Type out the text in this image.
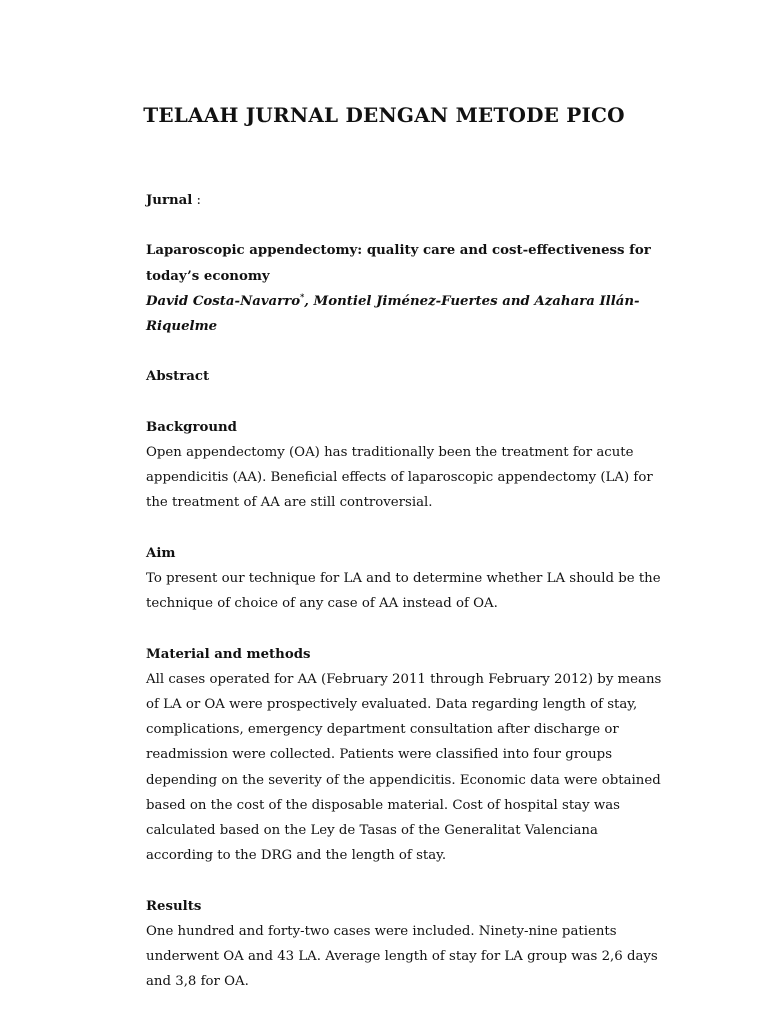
TELAAH JURNAL DENGAN METODE PICO

Jurnal :

Laparoscopic appendectomy: quality care and cost-effectiveness for today’s economy

David Costa-Navarro*, Montiel Jiménez-Fuertes and Azahara Illán-Riquelme

Abstract

Background

Open appendectomy (OA) has traditionally been the treatment for acute appendicitis (AA). Beneficial effects of laparoscopic appendectomy (LA) for the treatment of AA are still controversial.

Aim

To present our technique for LA and to determine whether LA should be the technique of choice of any case of AA instead of OA.

Material and methods

All cases operated for AA (February 2011 through February 2012) by means of LA or OA were prospectively evaluated. Data regarding length of stay, complications, emergency department consultation after discharge or readmission were collected. Patients were classified into four groups depending on the severity of the appendicitis. Economic data were obtained based on the cost of the disposable material. Cost of hospital stay was calculated based on the Ley de Tasas of the Generalitat Valenciana according to the DRG and the length of stay.

Results

One hundred and forty-two cases were included. Ninety-nine patients underwent OA and 43 LA. Average length of stay for LA group was 2,6 days and 3,8 for OA.
